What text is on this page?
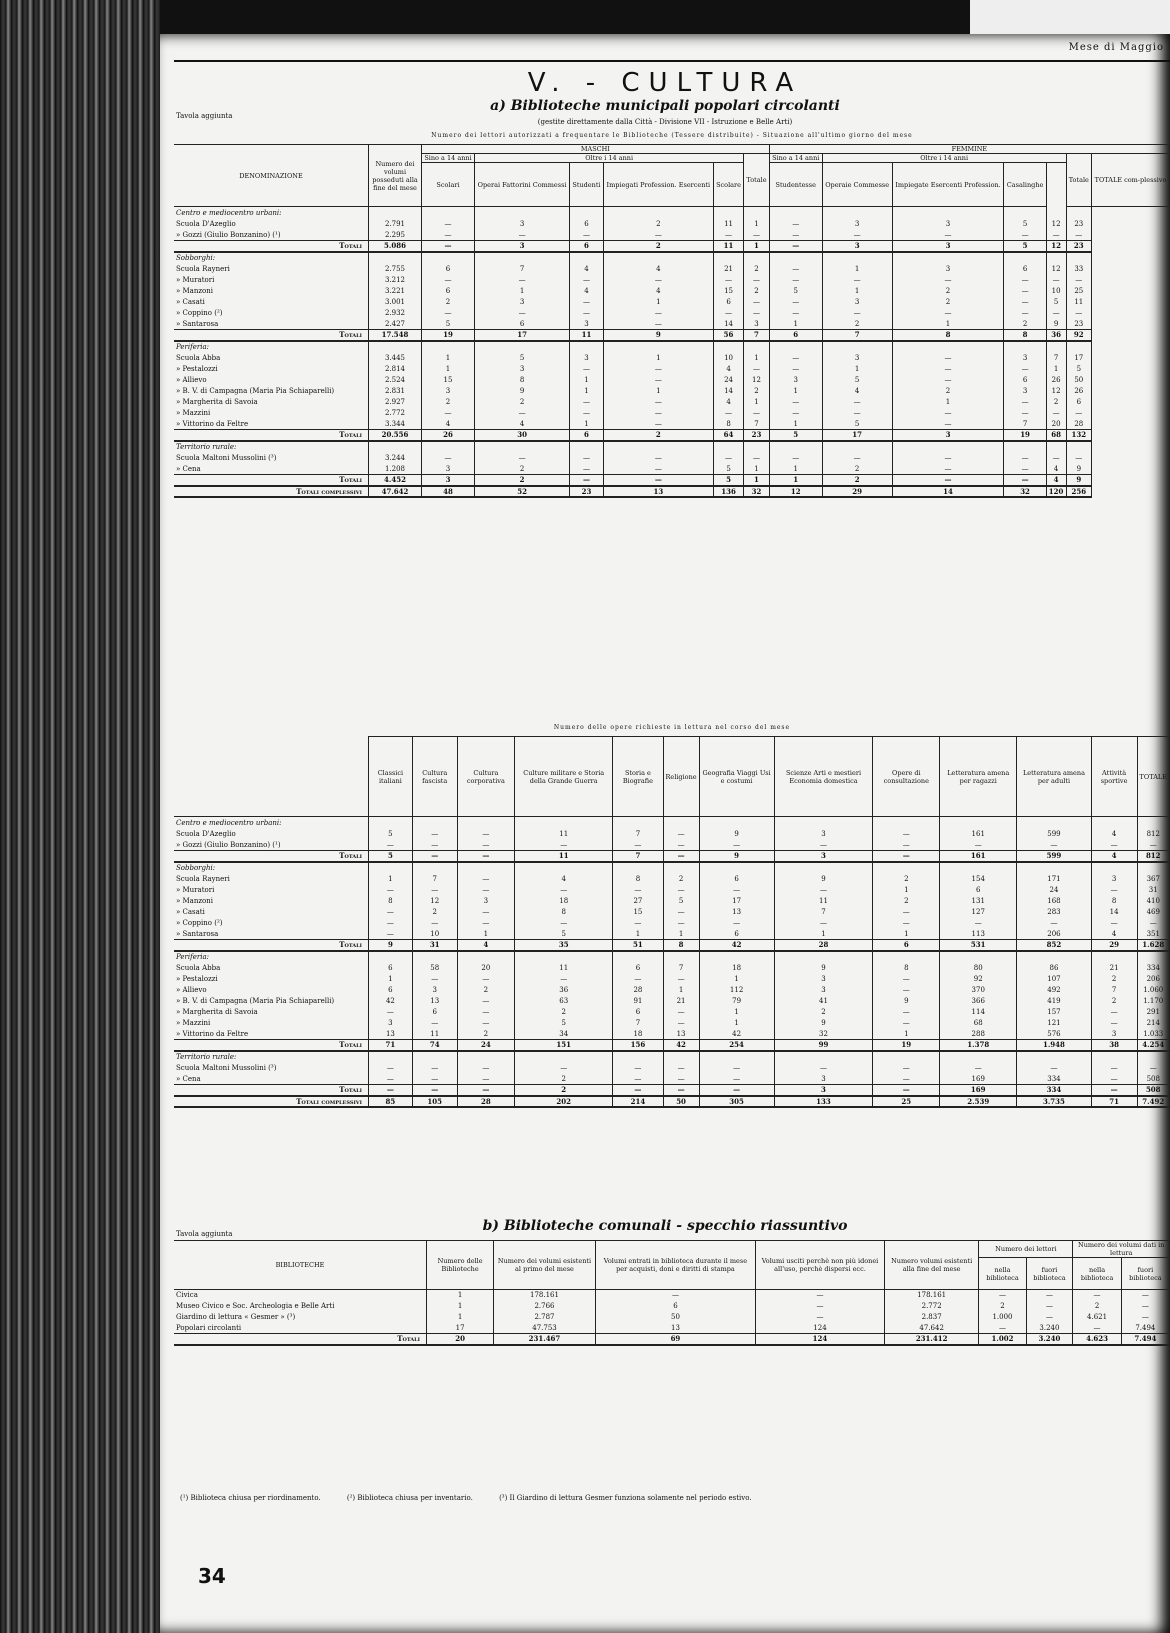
Mese di Maggio
V. - CULTURA
Tavola aggiunta
a) Biblioteche municipali popolari circolanti
(gestite direttamente dalla Città - Divisione VII - Istruzione e Belle Arti)
Numero dei lettori autorizzati a frequentare le Biblioteche (Tessere distribuite) - Situazione all'ultimo giorno del mese
DENOMINAZIONE	Numero dei volumi posseduti alla fine del mese	MASCHI						FEMMINE						
		Sino a 14 anni	Oltre i 14 anni				Totale	Sino a 14 anni	Oltre i 14 anni				Totale	TOTALE com-plessivo
		Scolari	Operai Fattorini Commessi	Studenti	Impiegati Profession. Esercenti	Scolare		Studentesse	Operaie Commesse	Impiegate Esercenti Profession.	Casalinghe			
Centro e mediocentro urbani:														
Scuola D'Azeglio	2.791	—	3	6	2	11	1	—	3	3	5	12	23	
» Gozzi (Giulio Bonzanino) (¹)	2.295	—	—	—	—	—	—	—	—	—	—	—	—	
Totali	5.086	—	3	6	2	11	1	—	3	3	5	12	23	
Sobborghi:														
Scuola Rayneri	2.755	6	7	4	4	21	2	—	1	3	6	12	33	
» Muratori	3.212	—	—	—	—	—	—	—	—	—	—	—	—	
» Manzoni	3.221	6	1	4	4	15	2	5	1	2	—	10	25	
» Casati	3.001	2	3	—	1	6	—	—	3	2	—	5	11	
» Coppino (²)	2.932	—	—	—	—	—	—	—	—	—	—	—	—	
» Santarosa	2.427	5	6	3	—	14	3	1	2	1	2	9	23	
Totali	17.548	19	17	11	9	56	7	6	7	8	8	36	92	
Periferia:														
Scuola Abba	3.445	1	5	3	1	10	1	—	3	—	3	7	17	
» Pestalozzi	2.814	1	3	—	—	4	—	—	1	—	—	1	5	
» Allievo	2.524	15	8	1	—	24	12	3	5	—	6	26	50	
» B. V. di Campagna (Maria Pia Schiaparelli)	2.831	3	9	1	1	14	2	1	4	2	3	12	26	
» Margherita di Savoia	2.927	2	2	—	—	4	1	—	—	1	—	2	6	
» Mazzini	2.772	—	—	—	—	—	—	—	—	—	—	—	—	
» Vittorino da Feltre	3.344	4	4	1	—	8	7	1	5	—	7	20	28	
Totali	20.556	26	30	6	2	64	23	5	17	3	19	68	132	
Territorio rurale:														
Scuola Maltoni Mussolini (³)	3.244	—	—	—	—	—	—	—	—	—	—	—	—	
» Cena	1.208	3	2	—	—	5	1	1	2	—	—	4	9	
Totali	4.452	3	2	—	—	5	1	1	2	—	—	4	9	
Totali complessivi	47.642	48	52	23	13	136	32	12	29	14	32	120	256	
Numero delle opere richieste in lettura nel corso del mese
	Classici italiani	Cultura fascista	Cultura corporativa	Culture militare e Storia della Grande Guerra	Storia e Biografie	Religione	Geografia Viaggi Usi e costumi	Scienze Arti e mestieri Economia domestica	Opere di consultazione	Letteratura amena per ragazzi	Letteratura amena per adulti	Attività sportive	TOTALE
Centro e mediocentro urbani:													
Scuola D'Azeglio	5	—	—	11	7	—	9	3	—	161	599	4	812
» Gozzi (Giulio Bonzanino) (¹)	—	—	—	—	—	—	—	—	—	—	—	—	—
Totali	5	—	—	11	7	—	9	3	—	161	599	4	812
Sobborghi:													
Scuola Rayneri	1	7	—	4	8	2	6	9	2	154	171	3	367
» Muratori	—	—	—	—	—	—	—	—	1	6	24	—	31
» Manzoni	8	12	3	18	27	5	17	11	2	131	168	8	410
» Casati	—	2	—	8	15	—	13	7	—	127	283	14	469
» Coppino (²)	—	—	—	—	—	—	—	—	—	—	—	—	—
» Santarosa	—	10	1	5	1	1	6	1	1	113	206	4	351
Totali	9	31	4	35	51	8	42	28	6	531	852	29	1.628
Periferia:													
Scuola Abba	6	58	20	11	6	7	18	9	8	80	86	21	334
» Pestalozzi	1	—	—	—	—	—	1	3	—	92	107	2	206
» Allievo	6	3	2	36	28	1	112	3	—	370	492	7	1.060
» B. V. di Campagna (Maria Pia Schiaparelli)	42	13	—	63	91	21	79	41	9	366	419	2	1.170
» Margherita di Savoia	—	6	—	2	6	—	1	2	—	114	157	—	291
» Mazzini	3	—	—	5	7	—	1	9	—	68	121	—	214
» Vittorino da Feltre	13	11	2	34	18	13	42	32	1	288	576	3	1.033
Totali	71	74	24	151	156	42	254	99	19	1.378	1.948	38	4.254
Territorio rurale:													
Scuola Maltoni Mussolini (³)	—	—	—	—	—	—	—	—	—	—	—	—	—
» Cena	—	—	—	2	—	—	—	3	—	169	334	—	508
Totali	—	—	—	2	—	—	—	3	—	169	334	—	508
Totali complessivi	85	105	28	202	214	50	305	133	25	2.539	3.735	71	7.492
Tavola aggiunta	b) Biblioteche comunali - specchio riassuntivo
BIBLIOTECHE	Numero delle Biblioteche	Numero dei volumi esistenti al primo del mese	Volumi entrati in biblioteca durante il mese per acquisti, doni e diritti di stampa	Volumi usciti perchè non più idonei all'uso, perchè dispersi ecc.	Numero volumi esistenti alla fine del mese	Numero dei lettori		Numero dei volumi dati in lettura	
						nella biblioteca	fuori biblioteca	nella biblioteca	fuori biblioteca
Civica	1	178.161	—	—	178.161	—	—	—	—
Museo Civico e Soc. Archeologia e Belle Arti	1	2.766	6	—	2.772	2	—	2	—
Giardino di lettura « Gesmer » (³)	1	2.787	50	—	2.837	1.000	—	4.621	—
Popolari circolanti	17	47.753	13	124	47.642	—	3.240	—	7.494
Totali	20	231.467	69	124	231.412	1.002	3.240	4.623	7.494
(¹) Biblioteca chiusa per riordinamento.	(²) Biblioteca chiusa per inventario.	(³) Il Giardino di lettura Gesmer funziona solamente nel periodo estivo.
34
